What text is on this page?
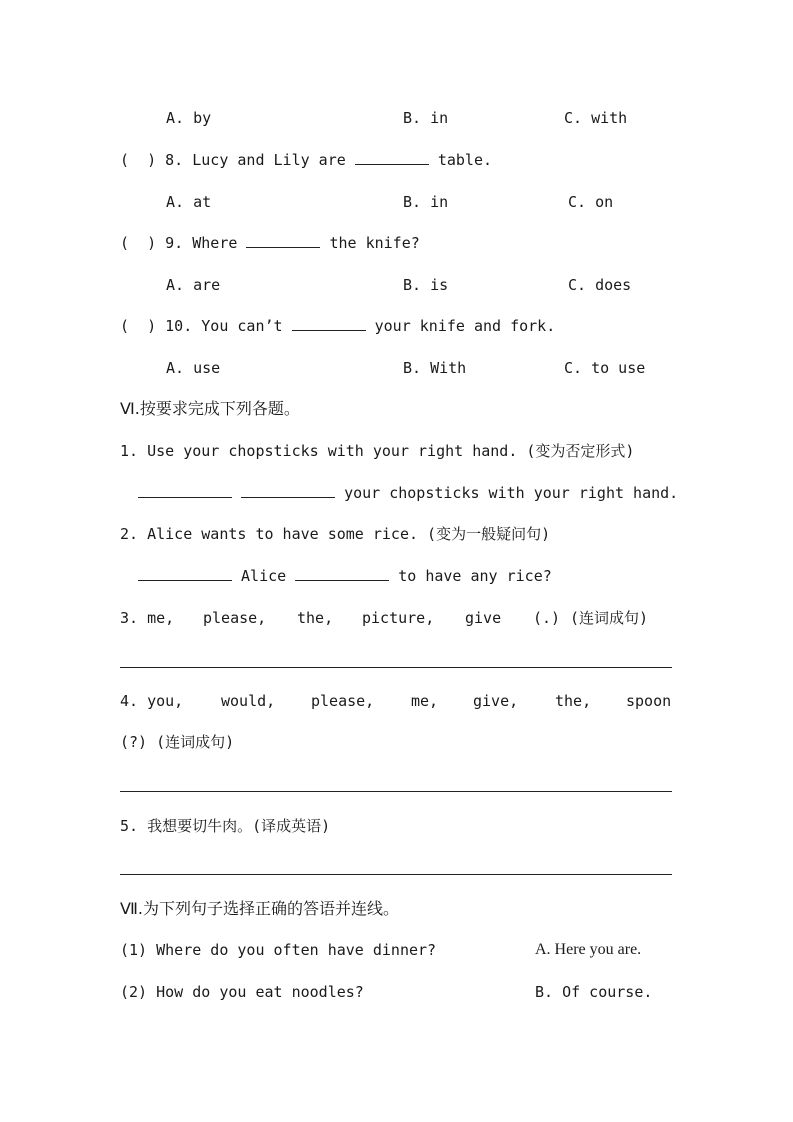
A. by	B. in	C. with
(  ) 8. Lucy and Lily are	table.
A. at	B. in	C. on
(  ) 9. Where	the knife?
A. are	B. is	C. does
(  ) 10. You can’t	your knife and fork.
A. use	B. With	C. to use
Ⅵ.按要求完成下列各题。
1. Use your chopsticks with your right hand. (变为否定形式)
your chopsticks with your right hand.
2. Alice wants to have some rice. (变为一般疑问句)
Alice	to have any rice?
3. me, please, the, picture, give (.) (连词成句)
4. you,	would, please, me, give, the, spoon
(?) (连词成句)
5. 我想要切牛肉。(译成英语)
Ⅶ.为下列句子选择正确的答语并连线。
(1) Where do you often have dinner?	A. Here you are.
(2) How do you eat noodles?	B. Of course.
